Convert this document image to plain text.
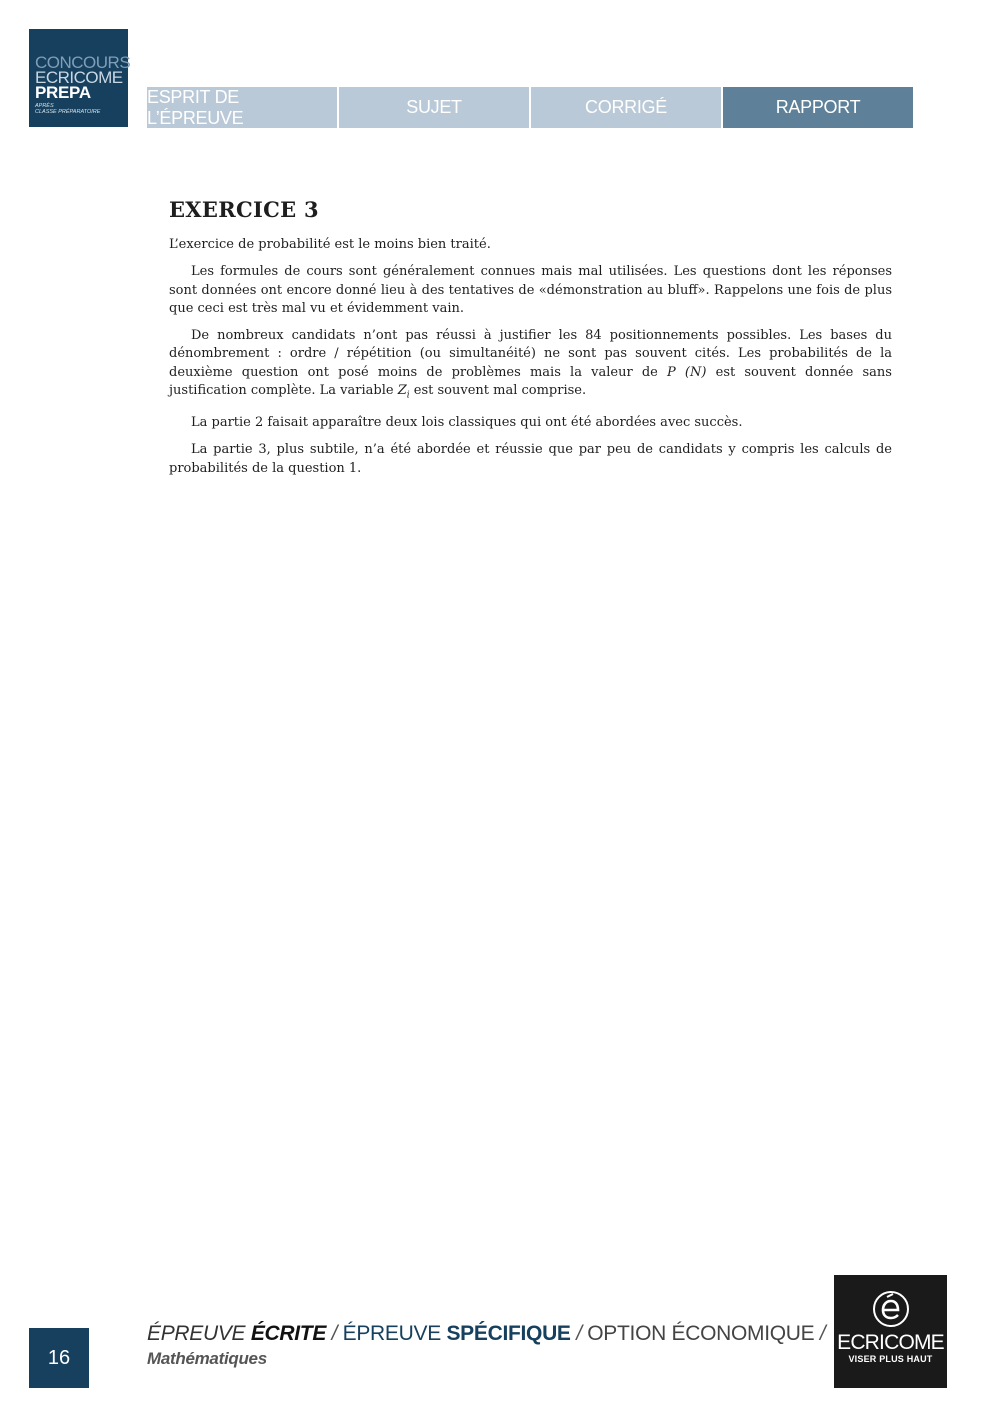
CONCOURS
ECRICOME
PREPA
APRÈS
CLASSE PRÉPARATOIRE
ESPRIT DE L’ÉPREUVE
SUJET	CORRIGÉ	RAPPORT
EXERCICE 3

L’exercice de probabilité est le moins bien traité.

Les formules de cours sont généralement connues mais mal utilisées. Les questions dont les réponses sont données ont encore donné lieu à des tentatives de «démonstration au bluff». Rappelons une fois de plus que ceci est très mal vu et évidemment vain.

De nombreux candidats n’ont pas réussi à justifier les 84 positionnements possibles. Les bases du dénombrement : ordre / répétition (ou simultanéité) ne sont pas souvent cités. Les probabilités de la deuxième question ont posé moins de problèmes mais la valeur de P (N) est souvent donnée sans justification complète. La variable $Z_i$ est souvent mal comprise.

La partie 2 faisait apparaître deux lois classiques qui ont été abordées avec succès.

La partie 3, plus subtile, n’a été abordée et réussie que par peu de candidats y compris les calculs de probabilités de la question 1.

16
ÉPREUVE ÉCRITE / ÉPREUVE SPÉCIFIQUE / OPTION ÉCONOMIQUE /
Mathématiques
ECRICOME
VISER PLUS HAUT
